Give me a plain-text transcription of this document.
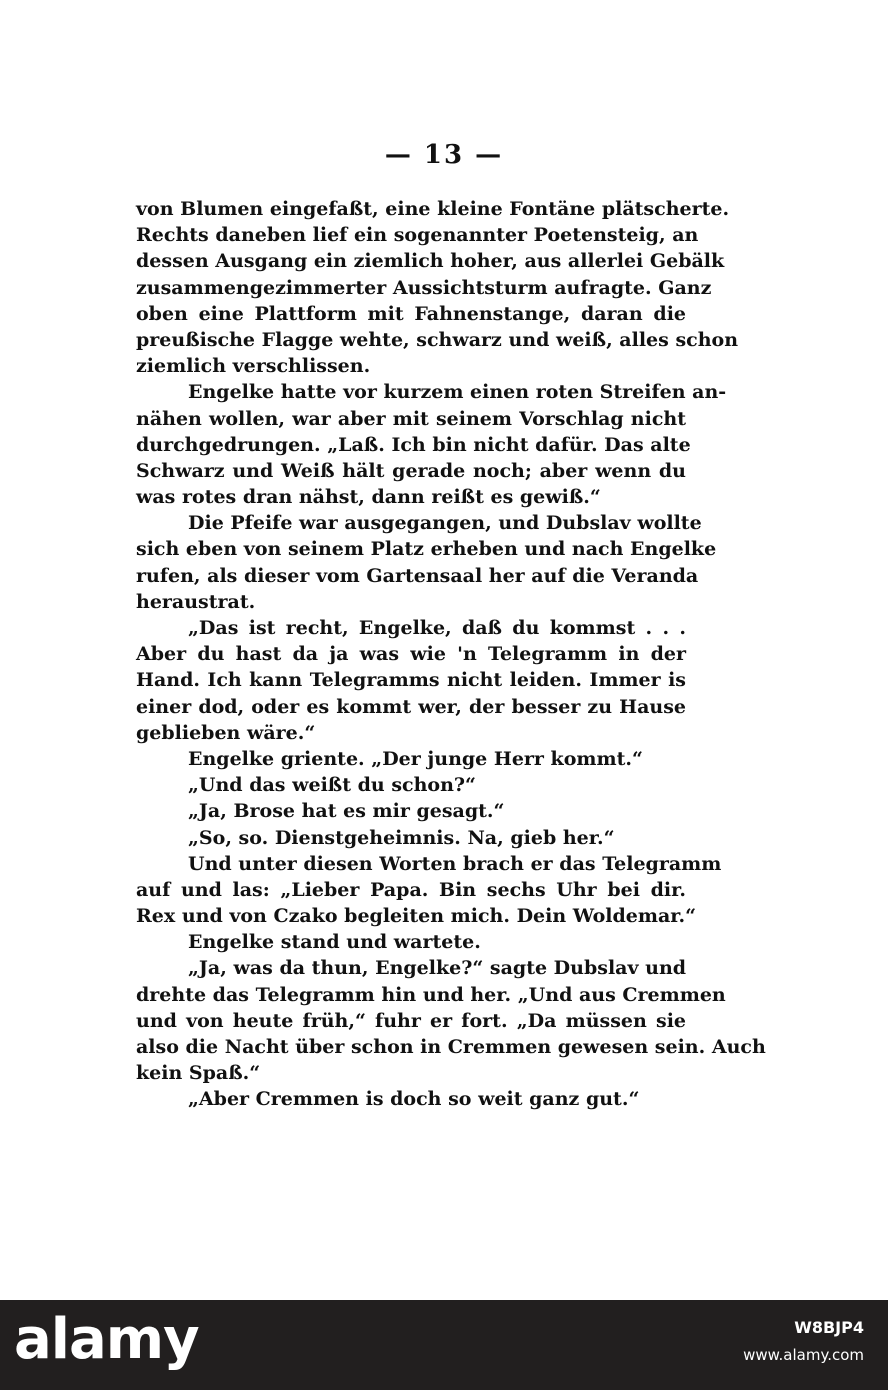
— 13 —
von Blumen eingefaßt, eine kleine Fontäne plätscherte.
Rechts daneben lief ein sogenannter Poetensteig, an
dessen Ausgang ein ziemlich hoher, aus allerlei Gebälk
zusammengezimmerter Aussichtsturm aufragte. Ganz
oben eine Plattform mit Fahnenstange, daran die
preußische Flagge wehte, schwarz und weiß, alles schon
ziemlich verschlissen.
Engelke hatte vor kurzem einen roten Streifen an-
nähen wollen, war aber mit seinem Vorschlag nicht
durchgedrungen. „Laß. Ich bin nicht dafür. Das alte
Schwarz und Weiß hält gerade noch; aber wenn du
was rotes dran nähst, dann reißt es gewiß.“
Die Pfeife war ausgegangen, und Dubslav wollte
sich eben von seinem Platz erheben und nach Engelke
rufen, als dieser vom Gartensaal her auf die Veranda
heraustrat.
„Das ist recht, Engelke, daß du kommst . . .
Aber du hast da ja was wie 'n Telegramm in der
Hand. Ich kann Telegramms nicht leiden. Immer is
einer dod, oder es kommt wer, der besser zu Hause
geblieben wäre.“
Engelke griente. „Der junge Herr kommt.“
„Und das weißt du schon?“
„Ja, Brose hat es mir gesagt.“
„So, so. Dienstgeheimnis. Na, gieb her.“
Und unter diesen Worten brach er das Telegramm
auf und las: „Lieber Papa. Bin sechs Uhr bei dir.
Rex und von Czako begleiten mich. Dein Woldemar.“
Engelke stand und wartete.
„Ja, was da thun, Engelke?“ sagte Dubslav und
drehte das Telegramm hin und her. „Und aus Cremmen
und von heute früh,“ fuhr er fort. „Da müssen sie
also die Nacht über schon in Cremmen gewesen sein. Auch
kein Spaß.“
„Aber Cremmen is doch so weit ganz gut.“
alamy	W8BJP4
www.alamy.com
